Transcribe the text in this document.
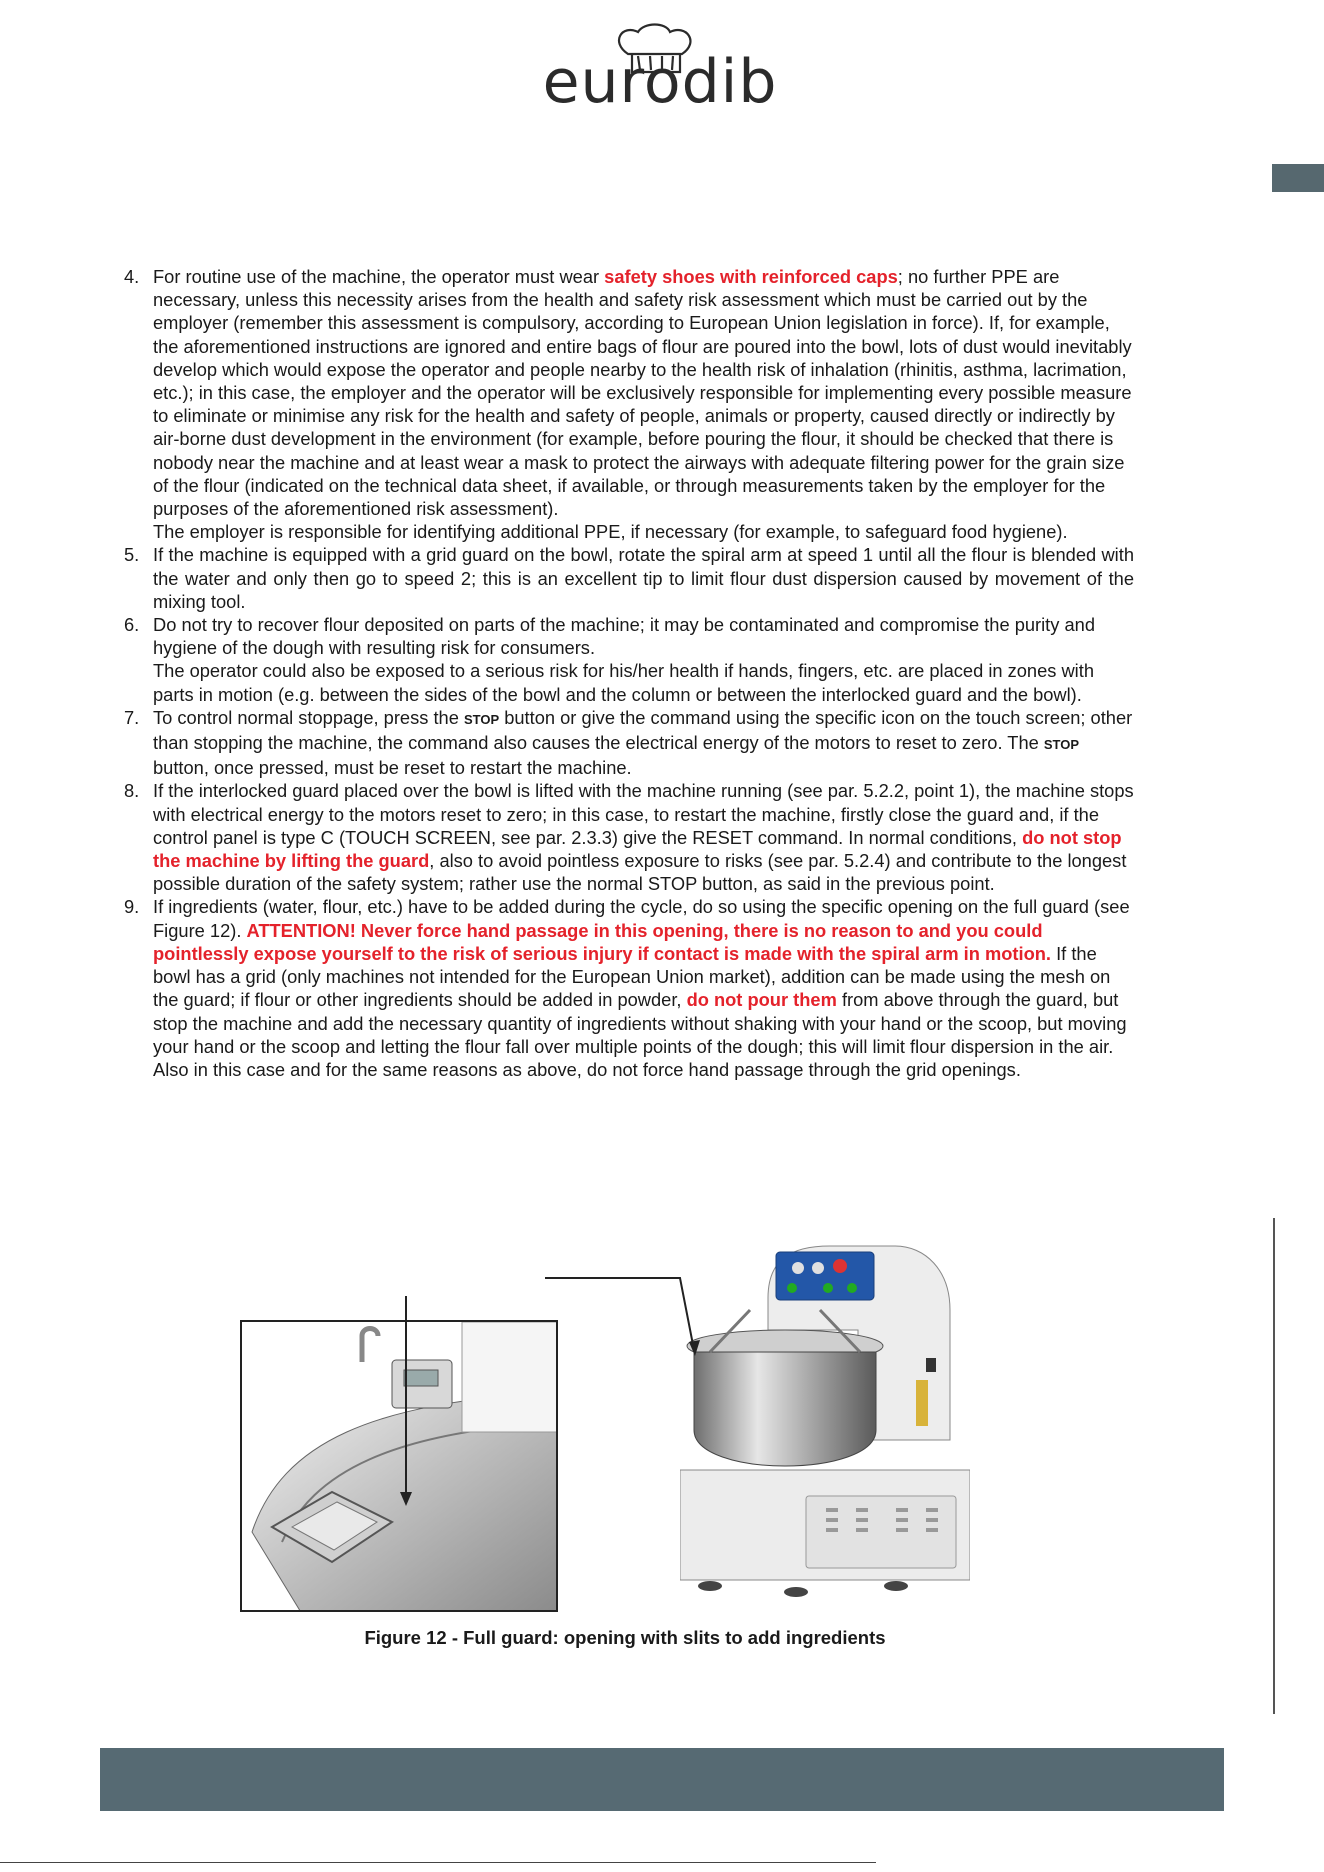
eurodib
4. For routine use of the machine, the operator must wear safety shoes with reinforced caps; no further PPE are necessary, unless this necessity arises from the health and safety risk assessment which must be carried out by the employer (remember this assessment is compulsory, according to European Union legislation in force). If, for example, the aforementioned instructions are ignored and entire bags of flour are poured into the bowl, lots of dust would inevitably develop which would expose the operator and people nearby to the health risk of inhalation (rhinitis, asthma, lacrimation, etc.); in this case, the employer and the operator will be exclusively responsible for implementing every possible measure to eliminate or minimise any risk for the health and safety of people, animals or property, caused directly or indirectly by air-borne dust development in the environment (for example, before pouring the flour, it should be checked that there is nobody near the machine and at least wear a mask to protect the airways with adequate filtering power for the grain size of the flour (indicated on the technical data sheet, if available, or through measurements taken by the employer for the purposes of the aforementioned risk assessment).
The employer is responsible for identifying additional PPE, if necessary (for example, to safeguard food hygiene).
5. If the machine is equipped with a grid guard on the bowl, rotate the spiral arm at speed 1 until all the flour is blended with the water and only then go to speed 2; this is an excellent tip to limit flour dust dispersion caused by movement of the mixing tool.
6. Do not try to recover flour deposited on parts of the machine; it may be contaminated and compromise the purity and hygiene of the dough with resulting risk for consumers.
The operator could also be exposed to a serious risk for his/her health if hands, fingers, etc. are placed in zones with parts in motion (e.g. between the sides of the bowl and the column or between the interlocked guard and the bowl).
7. To control normal stoppage, press the STOP button or give the command using the specific icon on the touch screen; other than stopping the machine, the command also causes the electrical energy of the motors to reset to zero. The STOP button, once pressed, must be reset to restart the machine.
8. If the interlocked guard placed over the bowl is lifted with the machine running (see par. 5.2.2, point 1), the machine stops with electrical energy to the motors reset to zero; in this case, to restart the machine, firstly close the guard and, if the control panel is type C (TOUCH SCREEN, see par. 2.3.3) give the RESET command. In normal conditions, do not stop the machine by lifting the guard, also to avoid pointless exposure to risks (see par. 5.2.4) and contribute to the longest possible duration of the safety system; rather use the normal STOP button, as said in the previous point.
9. If ingredients (water, flour, etc.) have to be added during the cycle, do so using the specific opening on the full guard (see Figure 12). ATTENTION! Never force hand passage in this opening, there is no reason to and you could pointlessly expose yourself to the risk of serious injury if contact is made with the spiral arm in motion. If the bowl has a grid (only machines not intended for the European Union market), addition can be made using the mesh on the guard; if flour or other ingredients should be added in powder, do not pour them from above through the guard, but stop the machine and add the necessary quantity of ingredients without shaking with your hand or the scoop, but moving your hand or the scoop and letting the flour fall over multiple points of the dough; this will limit flour dispersion in the air. Also in this case and for the same reasons as above, do not force hand passage through the grid openings.
Figure 12 - Full guard: opening with slits to add ingredients
